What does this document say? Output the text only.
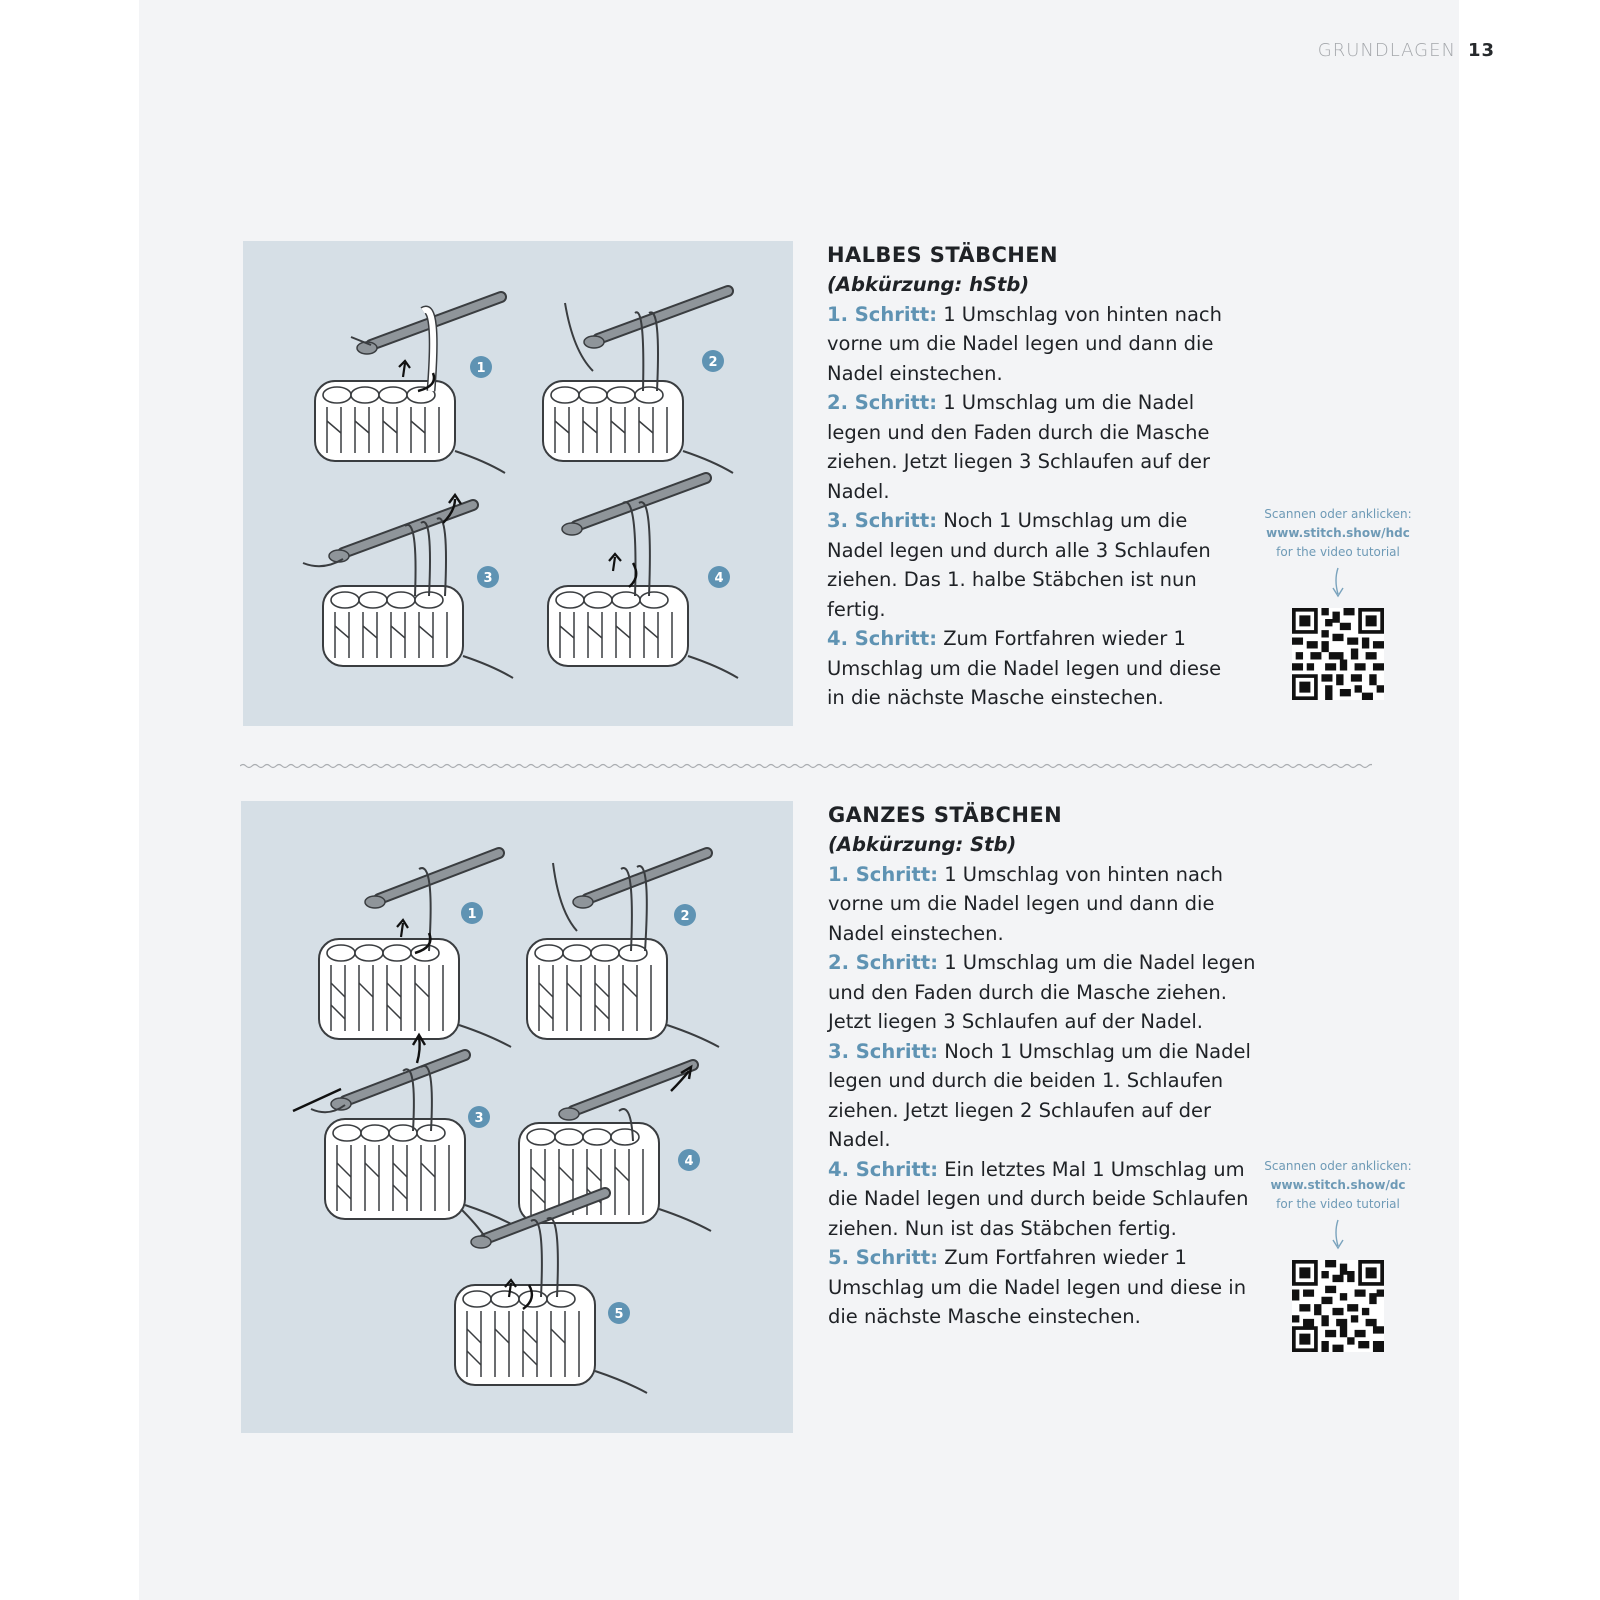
GRUNDLAGEN 13
1	2
3	4
HALBES STÄBCHEN

(Abkürzung: hStb)

1. Schritt: 1 Umschlag von hinten nach vorne um die Nadel legen und dann die Nadel einstechen.

2. Schritt: 1 Umschlag um die Nadel legen und den Faden durch die Masche ziehen. Jetzt liegen 3 Schlaufen auf der Nadel.

3. Schritt: Noch 1 Umschlag um die Nadel legen und durch alle 3 Schlaufen ziehen. Das 1. halbe Stäbchen ist nun fertig.

4. Schritt: Zum Fortfahren wieder 1 Umschlag um die Nadel legen und diese in die nächste Masche einstechen.

Scannen oder anklicken:
www.stitch.show/hdc
for the video tutorial
1	2
3
4
5
GANZES STÄBCHEN

(Abkürzung: Stb)

1. Schritt: 1 Umschlag von hinten nach vorne um die Nadel legen und dann die Nadel einstechen.

2. Schritt: 1 Umschlag um die Nadel legen und den Faden durch die Masche ziehen. Jetzt liegen 3 Schlaufen auf der Nadel.

3. Schritt: Noch 1 Umschlag um die Nadel legen und durch die beiden 1. Schlaufen ziehen. Jetzt liegen 2 Schlaufen auf der Nadel.

4. Schritt: Ein letztes Mal 1 Umschlag um die Nadel legen und durch beide Schlaufen ziehen. Nun ist das Stäbchen fertig.

5. Schritt: Zum Fortfahren wieder 1 Umschlag um die Nadel legen und diese in die nächste Masche einstechen.

Scannen oder anklicken:
www.stitch.show/dc
for the video tutorial
